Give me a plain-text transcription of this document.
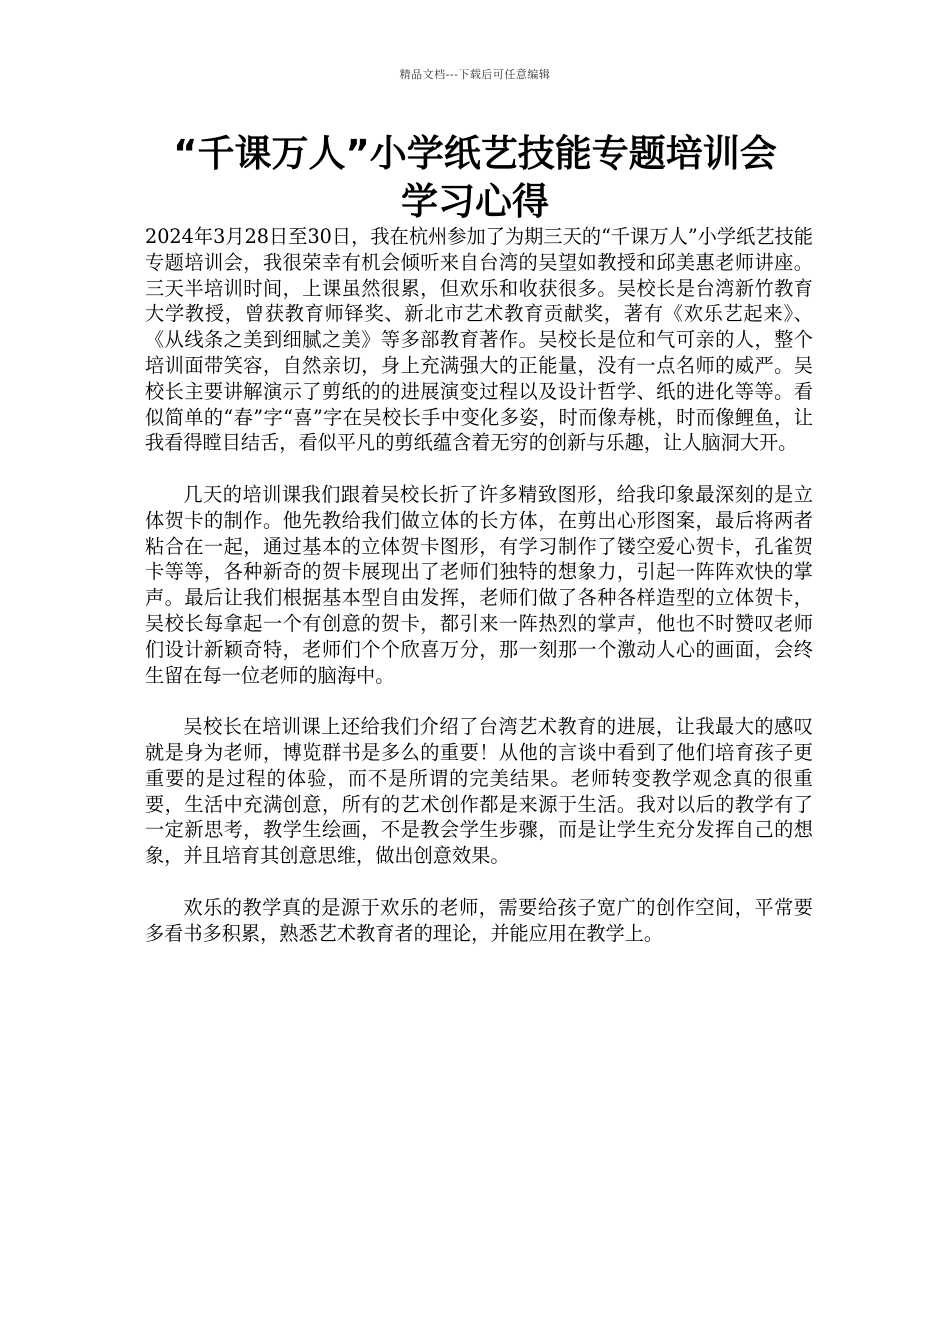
精品文档---下载后可任意编辑
“千课万人”小学纸艺技能专题培训会
学习心得

2024年3月28日至30日，我在杭州参加了为期三天的“千课万人”小学纸艺技能专题培训会，我很荣幸有机会倾听来自台湾的吴望如教授和邱美惠老师讲座。三天半培训时间，上课虽然很累，但欢乐和收获很多。吴校长是台湾新竹教育大学教授，曾获教育师铎奖、新北市艺术教育贡献奖，著有《欢乐艺起来》、《从线条之美到细腻之美》等多部教育著作。吴校长是位和气可亲的人，整个培训面带笑容，自然亲切，身上充满强大的正能量，没有一点名师的威严。吴校长主要讲解演示了剪纸的的进展演变过程以及设计哲学、纸的进化等等。看似简单的“春”字“喜”字在吴校长手中变化多姿，时而像寿桃，时而像鲤鱼，让我看得瞠目结舌，看似平凡的剪纸蕴含着无穷的创新与乐趣，让人脑洞大开。

几天的培训课我们跟着吴校长折了许多精致图形，给我印象最深刻的是立体贺卡的制作。他先教给我们做立体的长方体，在剪出心形图案，最后将两者粘合在一起，通过基本的立体贺卡图形，有学习制作了镂空爱心贺卡，孔雀贺卡等等，各种新奇的贺卡展现出了老师们独特的想象力，引起一阵阵欢快的掌声。最后让我们根据基本型自由发挥，老师们做了各种各样造型的立体贺卡，吴校长每拿起一个有创意的贺卡，都引来一阵热烈的掌声，他也不时赞叹老师们设计新颖奇特，老师们个个欣喜万分，那一刻那一个激动人心的画面，会终生留在每一位老师的脑海中。

吴校长在培训课上还给我们介绍了台湾艺术教育的进展，让我最大的感叹就是身为老师，博览群书是多么的重要！从他的言谈中看到了他们培育孩子更重要的是过程的体验，而不是所谓的完美结果。老师转变教学观念真的很重要，生活中充满创意，所有的艺术创作都是来源于生活。我对以后的教学有了一定新思考，教学生绘画，不是教会学生步骤，而是让学生充分发挥自己的想象，并且培育其创意思维，做出创意效果。

欢乐的教学真的是源于欢乐的老师，需要给孩子宽广的创作空间，平常要多看书多积累，熟悉艺术教育者的理论，并能应用在教学上。
